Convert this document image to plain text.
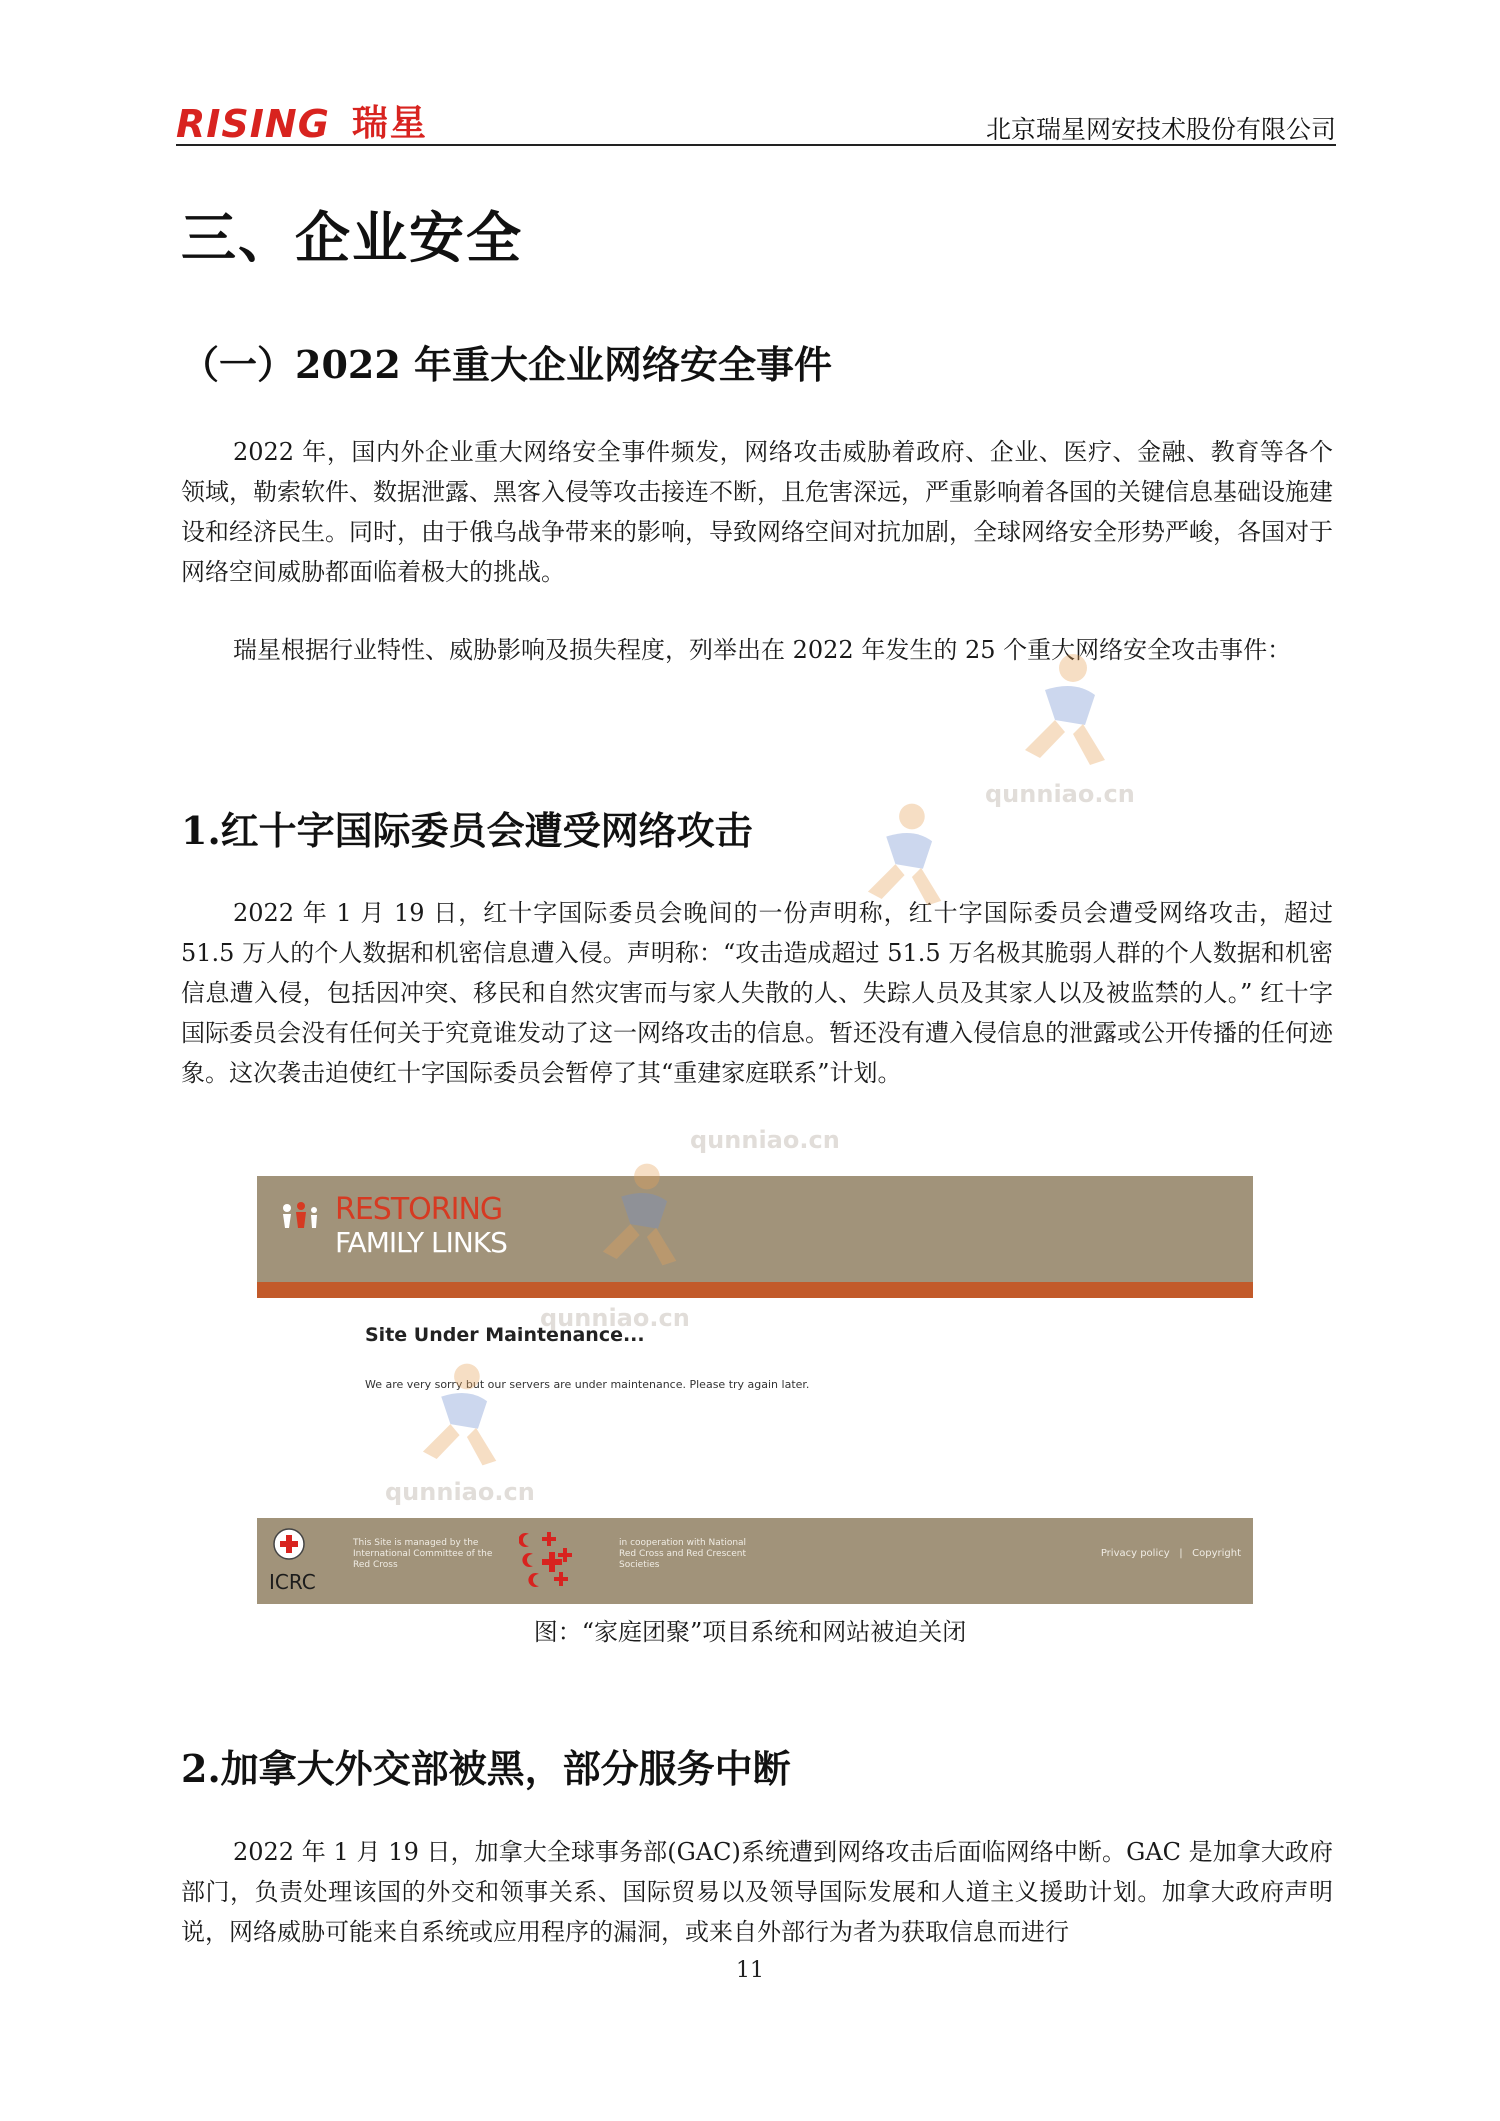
RISING 瑞星	北京瑞星网安技术股份有限公司
三、企业安全
（一）2022 年重大企业网络安全事件

2022 年，国内外企业重大网络安全事件频发，网络攻击威胁着政府、企业、医疗、金融、教育等各个领域，勒索软件、数据泄露、黑客入侵等攻击接连不断，且危害深远，严重影响着各国的关键信息基础设施建设和经济民生。同时，由于俄乌战争带来的影响，导致网络空间对抗加剧，全球网络安全形势严峻，各国对于网络空间威胁都面临着极大的挑战。

瑞星根据行业特性、威胁影响及损失程度，列举出在 2022 年发生的 25 个重大网络安全攻击事件：

1.红十字国际委员会遭受网络攻击

2022 年 1 月 19 日，红十字国际委员会晚间的一份声明称，红十字国际委员会遭受网络攻击，超过 51.5 万人的个人数据和机密信息遭入侵。声明称：“攻击造成超过 51.5 万名极其脆弱人群的个人数据和机密信息遭入侵，包括因冲突、移民和自然灾害而与家人失散的人、失踪人员及其家人以及被监禁的人。” 红十字国际委员会没有任何关于究竟谁发动了这一网络攻击的信息。暂还没有遭入侵信息的泄露或公开传播的任何迹象。这次袭击迫使红十字国际委员会暂停了其“重建家庭联系”计划。

RESTORING
FAMILY LINKS
Site Under Maintenance...
We are very sorry but our servers are under maintenance. Please try again later.
ICRC
This Site is managed by the International Committee of the Red Cross
in cooperation with National Red Cross and Red Crescent Societies
Privacy policy | Copyright
图：“家庭团聚”项目系统和网站被迫关闭
2.加拿大外交部被黑，部分服务中断

2022 年 1 月 19 日，加拿大全球事务部(GAC)系统遭到网络攻击后面临网络中断。GAC 是加拿大政府部门，负责处理该国的外交和领事关系、国际贸易以及领导国际发展和人道主义援助计划。加拿大政府声明说，网络威胁可能来自系统或应用程序的漏洞，或来自外部行为者为获取信息而进行

qunniao.cn
qunniao.cn
qunniao.cn
qunniao.cn
11
